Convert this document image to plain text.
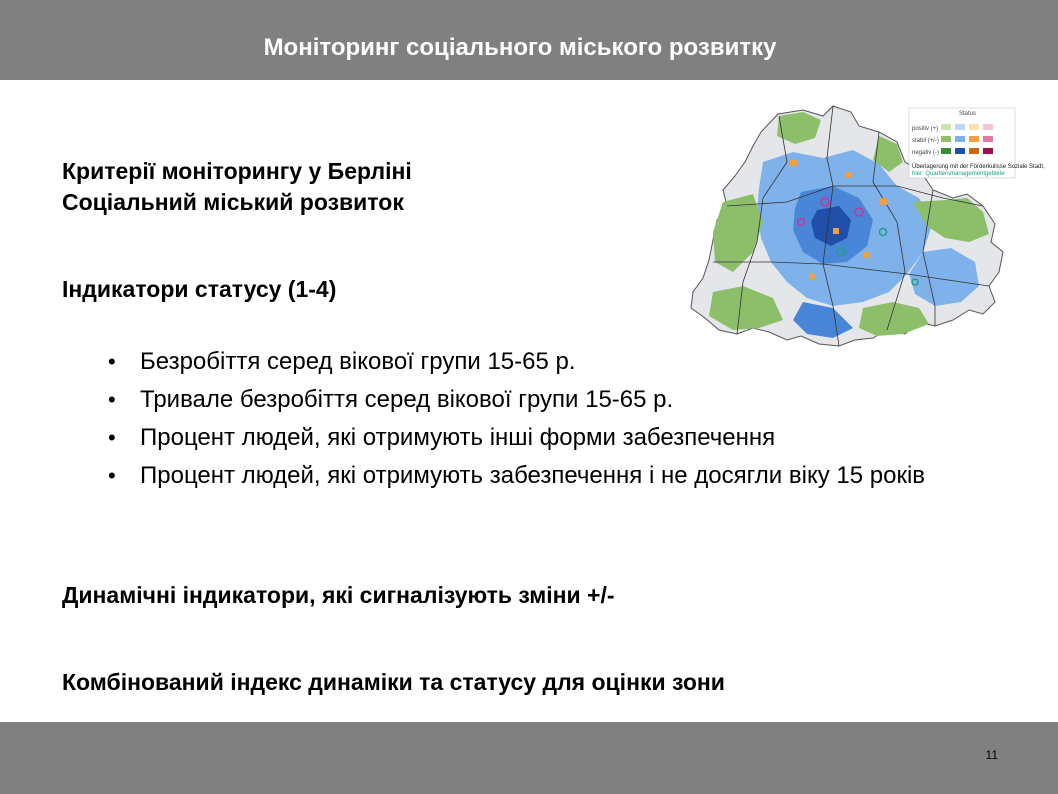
Моніторинг соціального міського розвитку
Критерії моніторингу у Берліні
Соціальний міський розвиток
Індикатори статусу (1-4)
• Безробіття серед вікової групи 15-65 р.
• Тривале безробіття серед вікової групи 15-65 р.
• Процент людей, які отримують інші форми забезпечення
• Процент людей, які отримують забезпечення і не досягли віку 15 років
Динамічні індикатори, які сигналізують зміни +/-
Комбінований індекс динаміки та статусу для оцінки зони
Status
positiv (+)
stabil (+/-)
negativ (-)
Überlagerung mit der Förderkulisse Soziale Stadt,
hier: Quartiersmanagementgebiete
11
